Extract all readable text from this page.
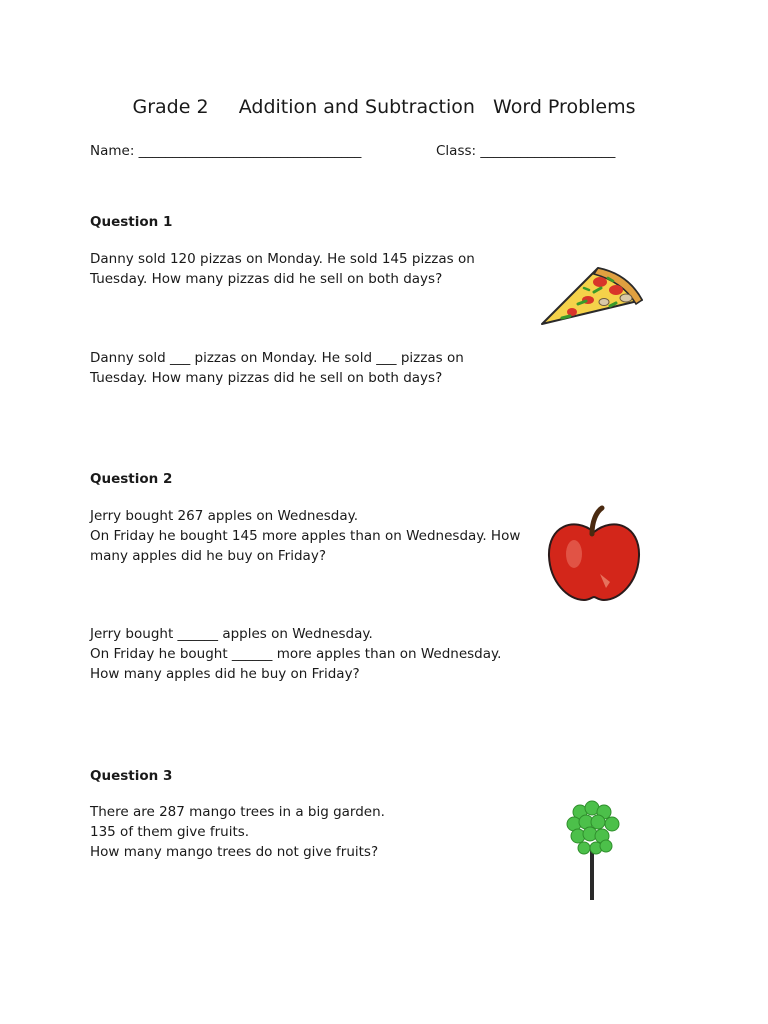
Grade 2     Addition and Subtraction   Word Problems
Name: _________________________________	Class: ____________________
Question 1
Danny sold 120 pizzas on Monday. He sold 145 pizzas on
Tuesday. How many pizzas did he sell on both days?
Danny sold ___ pizzas on Monday. He sold ___ pizzas on
Tuesday. How many pizzas did he sell on both days?
Question 2
Jerry bought 267 apples on Wednesday.
On Friday he bought 145 more apples than on Wednesday. How
many apples did he buy on Friday?
Jerry bought ______ apples on Wednesday.
On Friday he bought ______ more apples than on Wednesday.
How many apples did he buy on Friday?
Question 3
There are 287 mango trees in a big garden.
135 of them give fruits.
How many mango trees do not give fruits?
